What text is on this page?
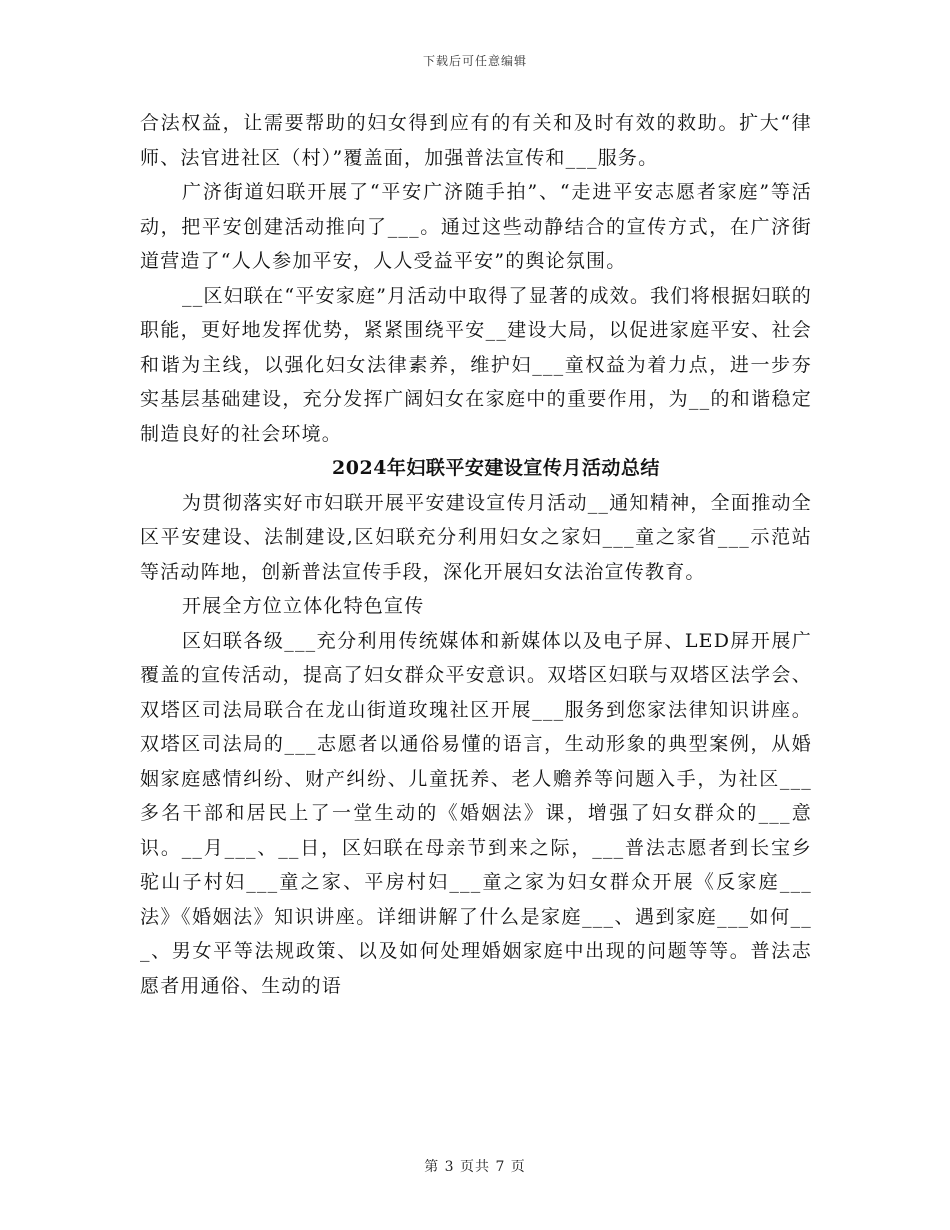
下载后可任意编辑

合法权益，让需要帮助的妇女得到应有的有关和及时有效的救助。扩大“律师、法官进社区（村）”覆盖面，加强普法宣传和___服务。

广济街道妇联开展了“平安广济随手拍”、“走进平安志愿者家庭”等活动，把平安创建活动推向了___。通过这些动静结合的宣传方式，在广济街道营造了“人人参加平安，人人受益平安”的舆论氛围。

__区妇联在“平安家庭”月活动中取得了显著的成效。我们将根据妇联的职能，更好地发挥优势，紧紧围绕平安__建设大局，以促进家庭平安、社会和谐为主线，以强化妇女法律素养，维护妇___童权益为着力点，进一步夯实基层基础建设，充分发挥广阔妇女在家庭中的重要作用，为__的和谐稳定制造良好的社会环境。

2024年妇联平安建设宣传月活动总结

为贯彻落实好市妇联开展平安建设宣传月活动__通知精神，全面推动全区平安建设、法制建设,区妇联充分利用妇女之家妇___童之家省___示范站等活动阵地，创新普法宣传手段，深化开展妇女法治宣传教育。

开展全方位立体化特色宣传

区妇联各级___充分利用传统媒体和新媒体以及电子屏、LED屏开展广覆盖的宣传活动，提高了妇女群众平安意识。双塔区妇联与双塔区法学会、双塔区司法局联合在龙山街道玫瑰社区开展___服务到您家法律知识讲座。双塔区司法局的___志愿者以通俗易懂的语言，生动形象的典型案例，从婚姻家庭感情纠纷、财产纠纷、儿童抚养、老人赡养等问题入手，为社区___多名干部和居民上了一堂生动的《婚姻法》课，增强了妇女群众的___意识。__月___、__日，区妇联在母亲节到来之际，___普法志愿者到长宝乡驼山子村妇___童之家、平房村妇___童之家为妇女群众开展《反家庭___法》《婚姻法》知识讲座。详细讲解了什么是家庭___、遇到家庭___如何___、男女平等法规政策、以及如何处理婚姻家庭中出现的问题等等。普法志愿者用通俗、生动的语

第 3 页共 7 页
